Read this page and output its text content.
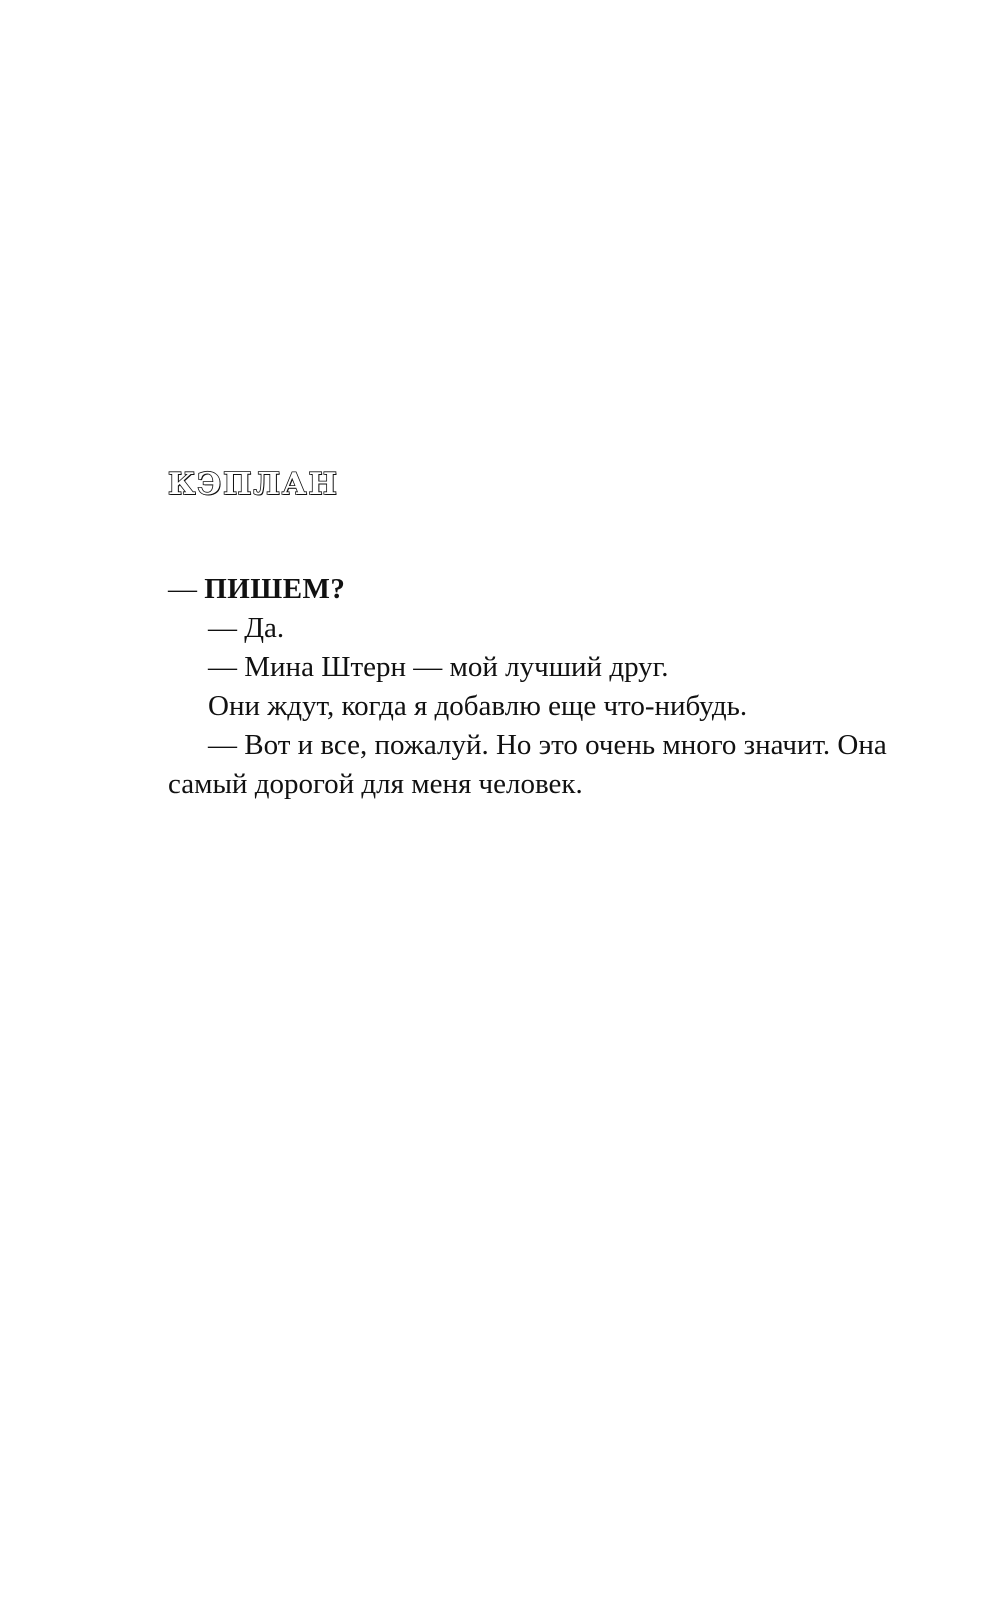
КЭПЛАН

— ПИШЕМ?

— Да.

— Мина Штерн — мой лучший друг.

Они ждут, когда я добавлю еще что-нибудь.

— Вот и все, пожалуй. Но это очень много значит. Она самый дорогой для меня человек.
